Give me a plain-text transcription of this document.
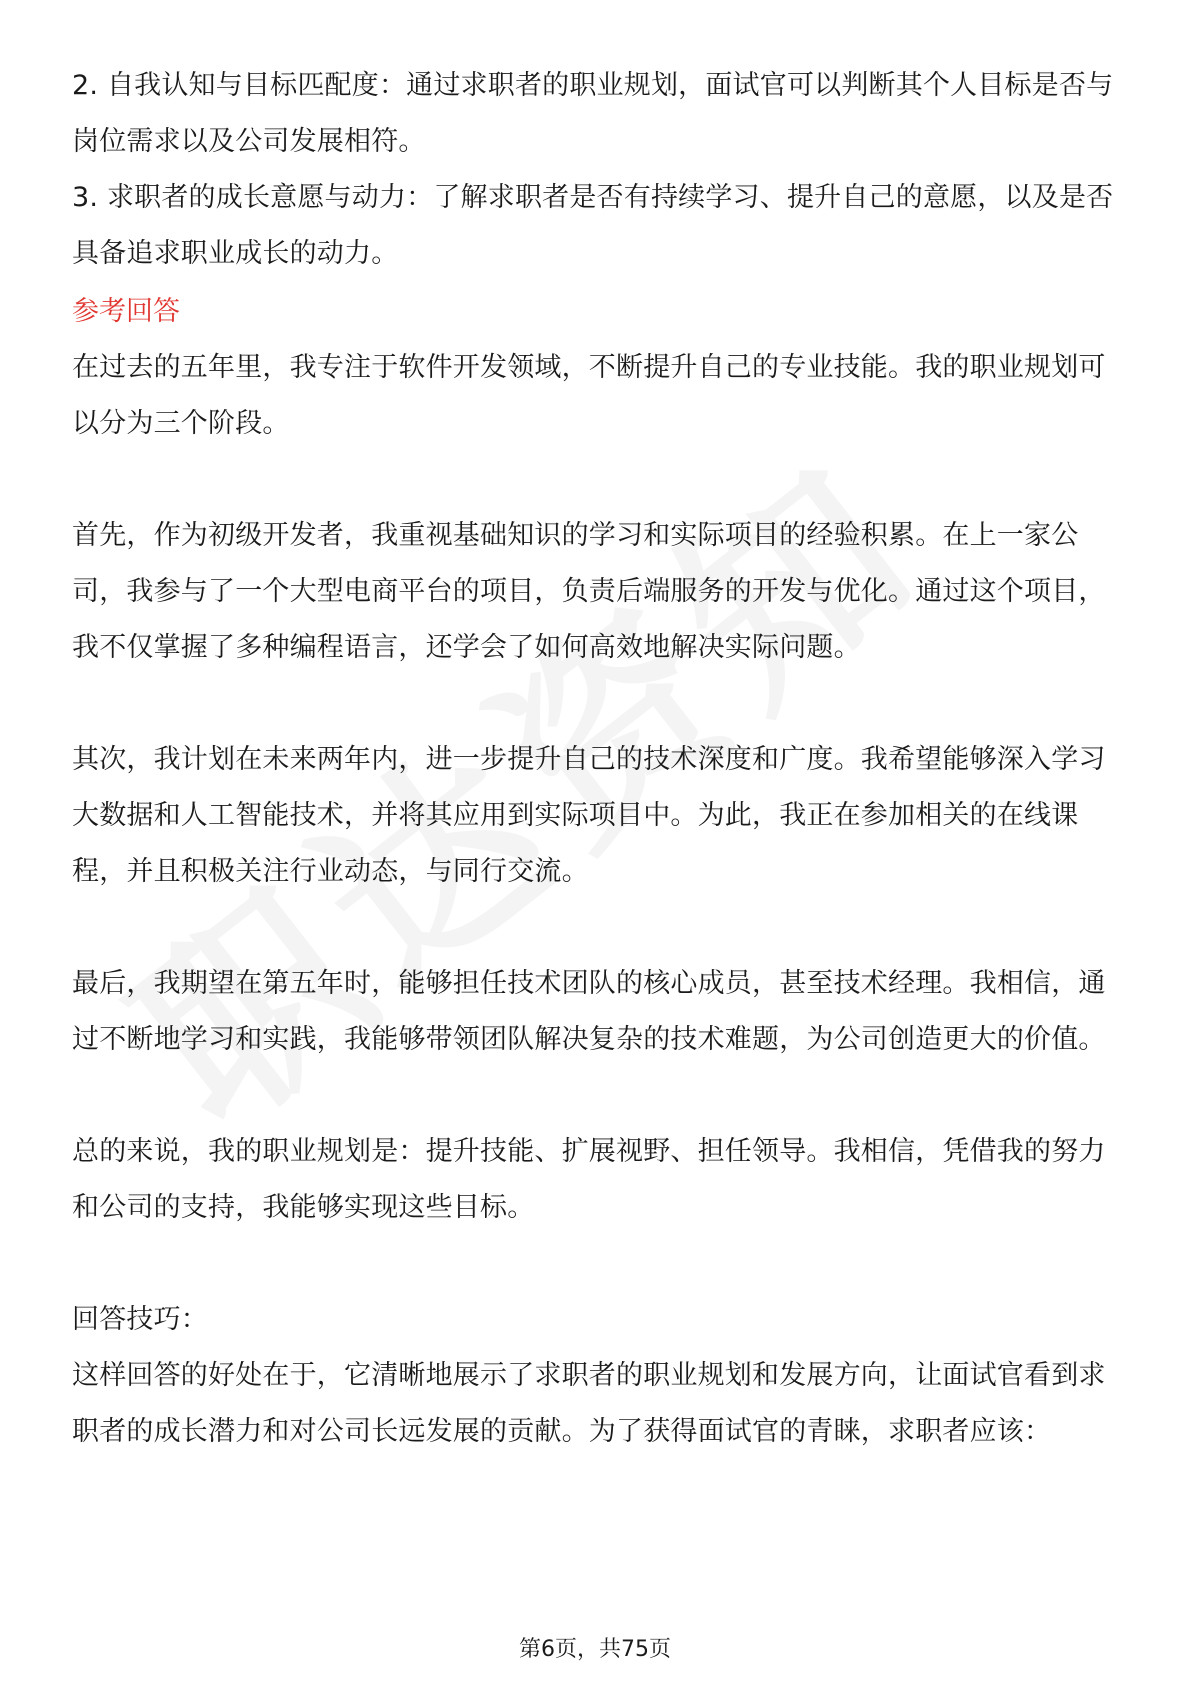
2. 自我认知与目标匹配度：通过求职者的职业规划，面试官可以判断其个人目标是否与岗位需求以及公司发展相符。

3. 求职者的成长意愿与动力：了解求职者是否有持续学习、提升自己的意愿，以及是否具备追求职业成长的动力。

参考回答

在过去的五年里，我专注于软件开发领域，不断提升自己的专业技能。我的职业规划可以分为三个阶段。

首先，作为初级开发者，我重视基础知识的学习和实际项目的经验积累。在上一家公司，我参与了一个大型电商平台的项目，负责后端服务的开发与优化。通过这个项目，我不仅掌握了多种编程语言，还学会了如何高效地解决实际问题。

其次，我计划在未来两年内，进一步提升自己的技术深度和广度。我希望能够深入学习大数据和人工智能技术，并将其应用到实际项目中。为此，我正在参加相关的在线课程，并且积极关注行业动态，与同行交流。

最后，我期望在第五年时，能够担任技术团队的核心成员，甚至技术经理。我相信，通过不断地学习和实践，我能够带领团队解决复杂的技术难题，为公司创造更大的价值。

总的来说，我的职业规划是：提升技能、扩展视野、担任领导。我相信，凭借我的努力和公司的支持，我能够实现这些目标。

回答技巧：

这样回答的好处在于，它清晰地展示了求职者的职业规划和发展方向，让面试官看到求职者的成长潜力和对公司长远发展的贡献。为了获得面试官的青睐，求职者应该：

第6页，共75页
